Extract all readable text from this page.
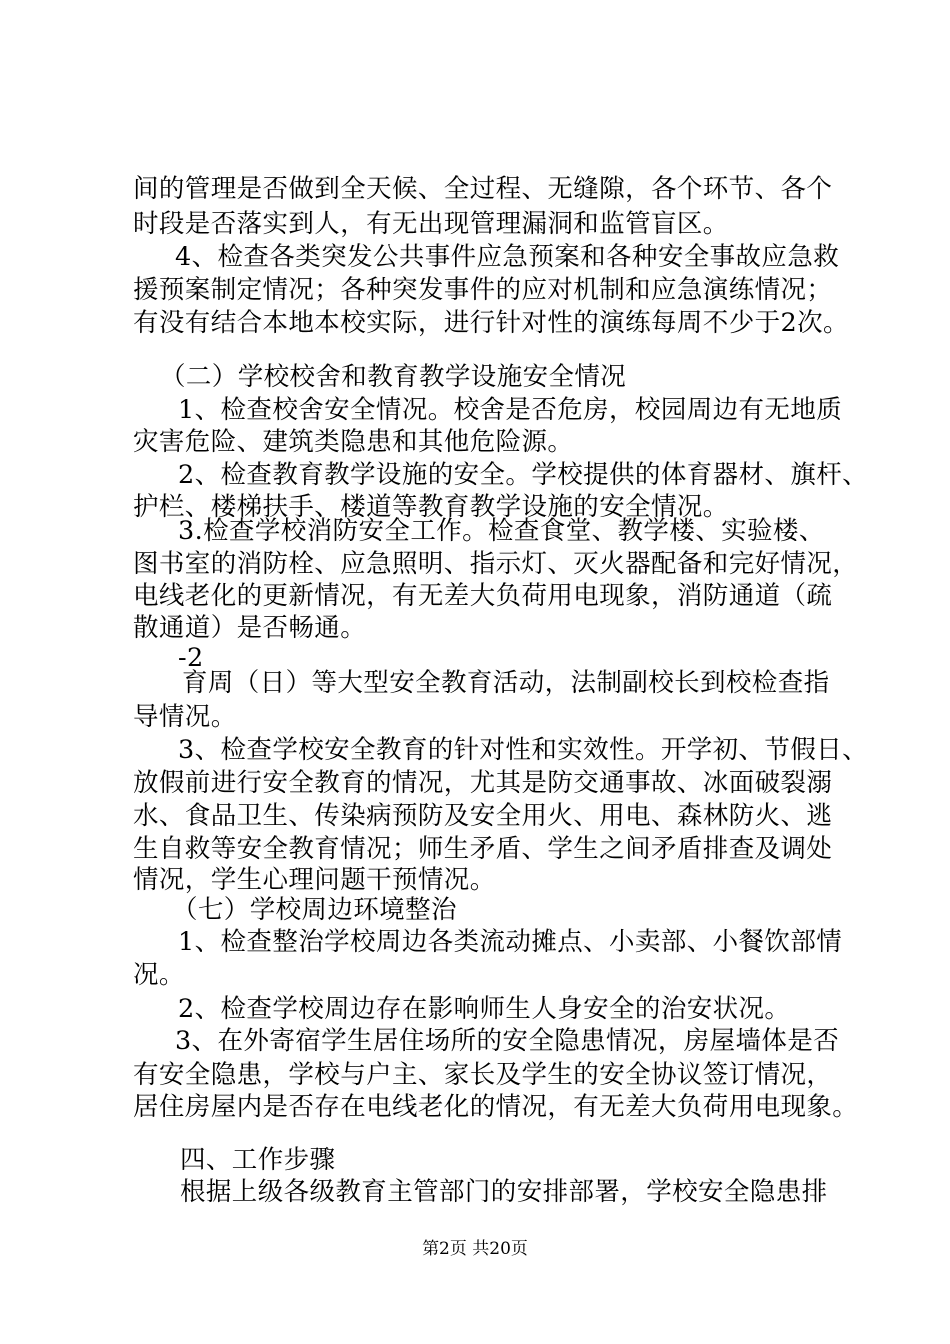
间的管理是否做到全天候、全过程、无缝隙，各个环节、各个
时段是否落实到人，有无出现管理漏洞和监管盲区。
4、检查各类突发公共事件应急预案和各种安全事故应急救
援预案制定情况；各种突发事件的应对机制和应急演练情况；
有没有结合本地本校实际，进行针对性的演练每周不少于2次。
（二）学校校舍和教育教学设施安全情况
1、检查校舍安全情况。校舍是否危房，校园周边有无地质
灾害危险、建筑类隐患和其他危险源。
2、检查教育教学设施的安全。学校提供的体育器材、旗杆、
护栏、楼梯扶手、楼道等教育教学设施的安全情况。
3.检查学校消防安全工作。检查食堂、教学楼、实验楼、
图书室的消防栓、应急照明、指示灯、灭火器配备和完好情况，
电线老化的更新情况，有无差大负荷用电现象，消防通道（疏
散通道）是否畅通。
-2
育周（日）等大型安全教育活动，法制副校长到校检查指
导情况。
3、检查学校安全教育的针对性和实效性。开学初、节假日、
放假前进行安全教育的情况，尤其是防交通事故、冰面破裂溺
水、食品卫生、传染病预防及安全用火、用电、森林防火、逃
生自救等安全教育情况；师生矛盾、学生之间矛盾排查及调处
情况，学生心理问题干预情况。
（七）学校周边环境整治
1、检查整治学校周边各类流动摊点、小卖部、小餐饮部情
况。
2、检查学校周边存在影响师生人身安全的治安状况。
3、在外寄宿学生居住场所的安全隐患情况，房屋墙体是否
有安全隐患，学校与户主、家长及学生的安全协议签订情况，
居住房屋内是否存在电线老化的情况，有无差大负荷用电现象。
四、工作步骤
根据上级各级教育主管部门的安排部署，学校安全隐患排
第2页 共20页
